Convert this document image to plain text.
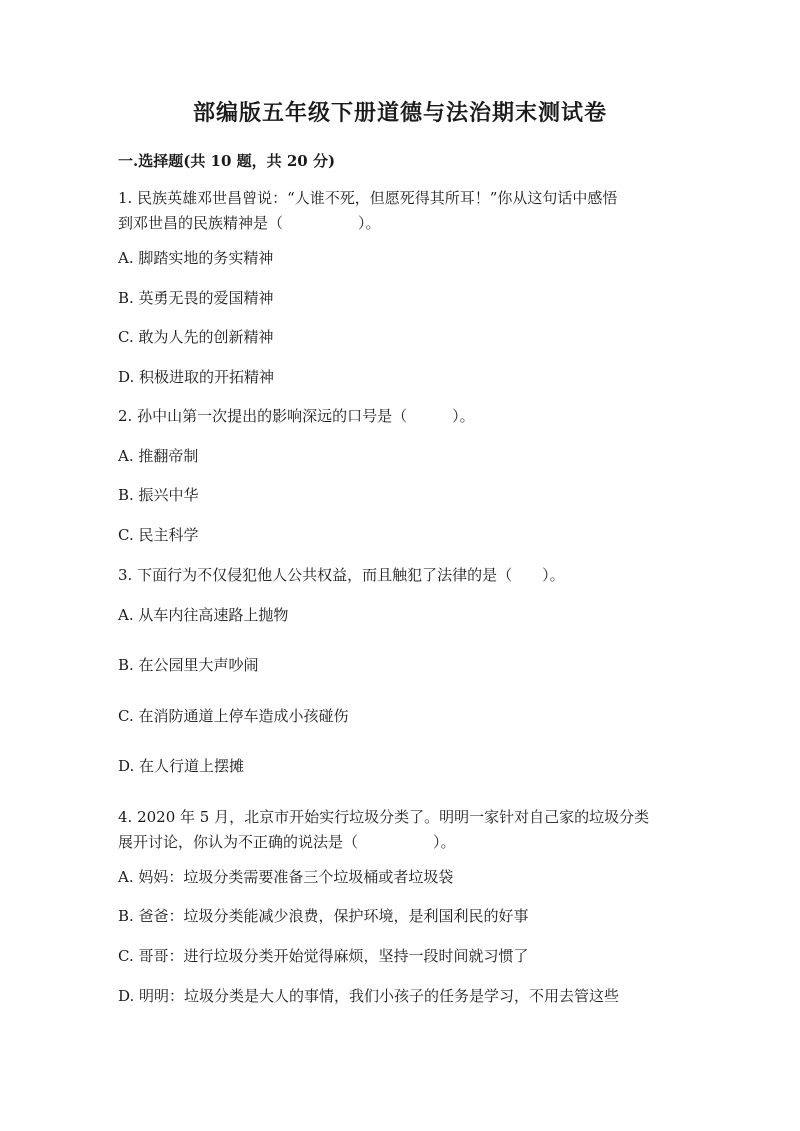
部编版五年级下册道德与法治期末测试卷
一.选择题(共 10 题，共 20 分)
1. 民族英雄邓世昌曾说：“人谁不死，但愿死得其所耳！”你从这句话中感悟
到邓世昌的民族精神是（　　　　　）。
A. 脚踏实地的务实精神
B. 英勇无畏的爱国精神
C. 敢为人先的创新精神
D. 积极进取的开拓精神
2. 孙中山第一次提出的影响深远的口号是（　　　）。
A. 推翻帝制
B. 振兴中华
C. 民主科学
3. 下面行为不仅侵犯他人公共权益，而且触犯了法律的是（　　）。
A. 从车内往高速路上抛物
B. 在公园里大声吵闹
C. 在消防通道上停车造成小孩碰伤
D. 在人行道上摆摊
4. 2020 年 5 月，北京市开始实行垃圾分类了。明明一家针对自己家的垃圾分类
展开讨论，你认为不正确的说法是（　　　　　）。
A. 妈妈：垃圾分类需要准备三个垃圾桶或者垃圾袋
B. 爸爸：垃圾分类能减少浪费，保护环境，是利国利民的好事
C. 哥哥：进行垃圾分类开始觉得麻烦，坚持一段时间就习惯了
D. 明明：垃圾分类是大人的事情，我们小孩子的任务是学习，不用去管这些
